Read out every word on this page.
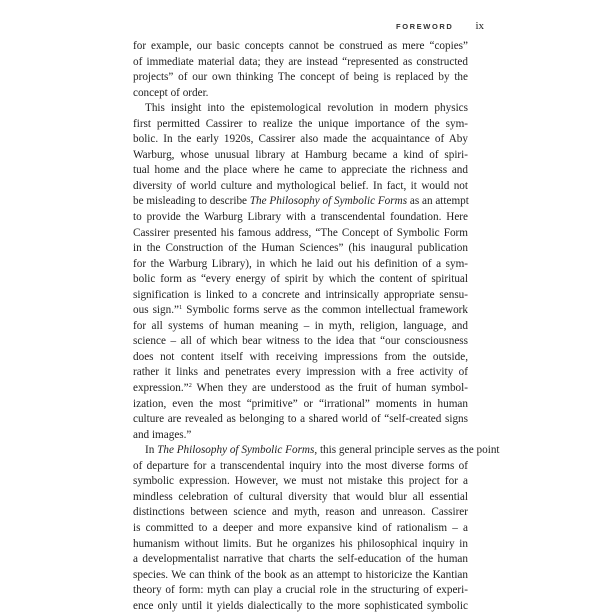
FOREWORD ix
for example, our basic concepts cannot be construed as mere “copies”
of immediate material data; they are instead “represented as constructed
projects” of our own thinking The concept of being is replaced by the
concept of order.
This insight into the epistemological revolution in modern physics
first permitted Cassirer to realize the unique importance of the sym-
bolic. In the early 1920s, Cassirer also made the acquaintance of Aby
Warburg, whose unusual library at Hamburg became a kind of spiri-
tual home and the place where he came to appreciate the richness and
diversity of world culture and mythological belief. In fact, it would not
be misleading to describe The Philosophy of Symbolic Forms as an attempt
to provide the Warburg Library with a transcendental foundation. Here
Cassirer presented his famous address, “The Concept of Symbolic Form
in the Construction of the Human Sciences” (his inaugural publication
for the Warburg Library), in which he laid out his definition of a sym-
bolic form as “every energy of spirit by which the content of spiritual
signification is linked to a concrete and intrinsically appropriate sensu-
ous sign.”$^1$ Symbolic forms serve as the common intellectual framework
for all systems of human meaning – in myth, religion, language, and
science – all of which bear witness to the idea that “our consciousness
does not content itself with receiving impressions from the outside,
rather it links and penetrates every impression with a free activity of
expression.”$^2$ When they are understood as the fruit of human symbol-
ization, even the most “primitive” or “irrational” moments in human
culture are revealed as belonging to a shared world of “self-created signs
and images.”
In The Philosophy of Symbolic Forms, this general principle serves as the point
of departure for a transcendental inquiry into the most diverse forms of
symbolic expression. However, we must not mistake this project for a
mindless celebration of cultural diversity that would blur all essential
distinctions between science and myth, reason and unreason. Cassirer
is committed to a deeper and more expansive kind of rationalism – a
humanism without limits. But he organizes his philosophical inquiry in
a developmentalist narrative that charts the self-education of the human
species. We can think of the book as an attempt to historicize the Kantian
theory of form: myth can play a crucial role in the structuring of experi-
ence only until it yields dialectically to the more sophisticated symbolic
